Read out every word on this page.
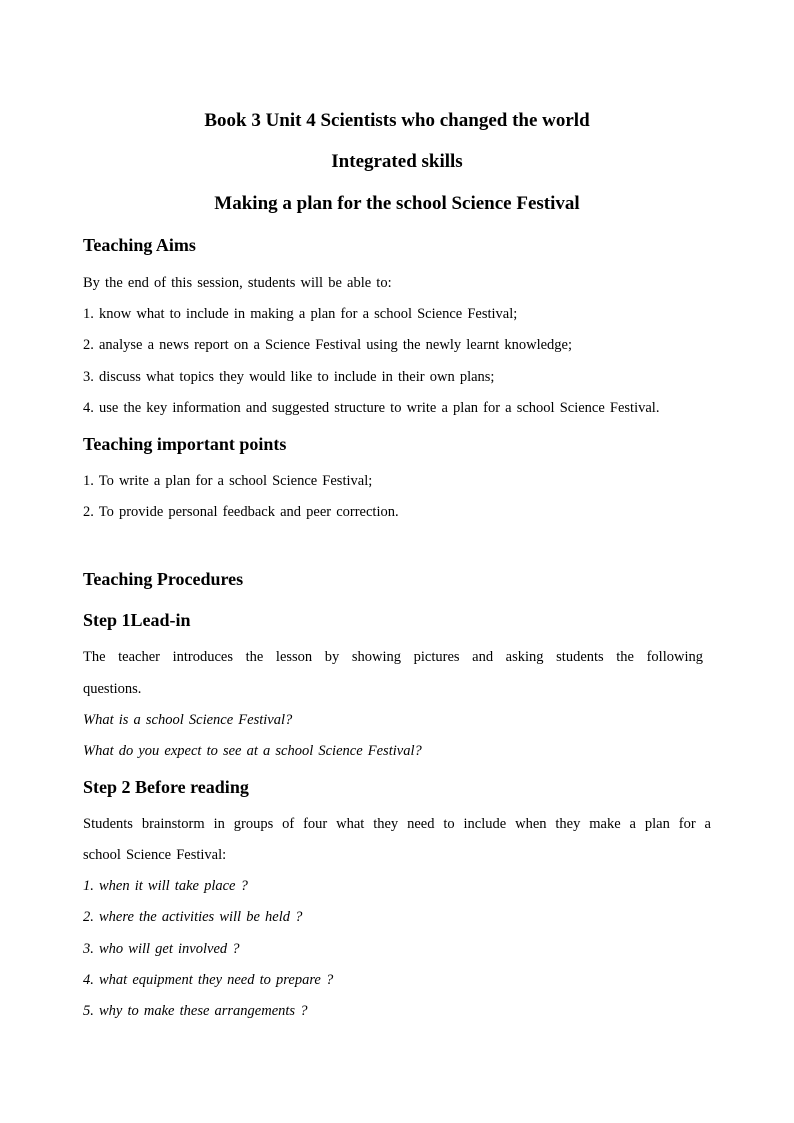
Book 3 Unit 4 Scientists who changed the world
Integrated skills
Making a plan for the school Science Festival
Teaching Aims
By the end of this session, students will be able to:
1. know what to include in making a plan for a school Science Festival;
2. analyse a news report on a Science Festival using the newly learnt knowledge;
3. discuss what topics they would like to include in their own plans;
4. use the key information and suggested structure to write a plan for a school Science Festival.
Teaching important points
1. To write a plan for a school Science Festival;
2. To provide personal feedback and peer correction.
Teaching Procedures
Step 1Lead-in
The teacher introduces the lesson by showing pictures and asking students the following
questions.
What is a school Science Festival?
What do you expect to see at a school Science Festival?
Step 2 Before reading
Students brainstorm in groups of four what they need to include when they make a plan for a
school Science Festival:
1. when it will take place ?
2. where the activities will be held ?
3. who will get involved ?
4. what equipment they need to prepare ?
5. why to make these arrangements ?
